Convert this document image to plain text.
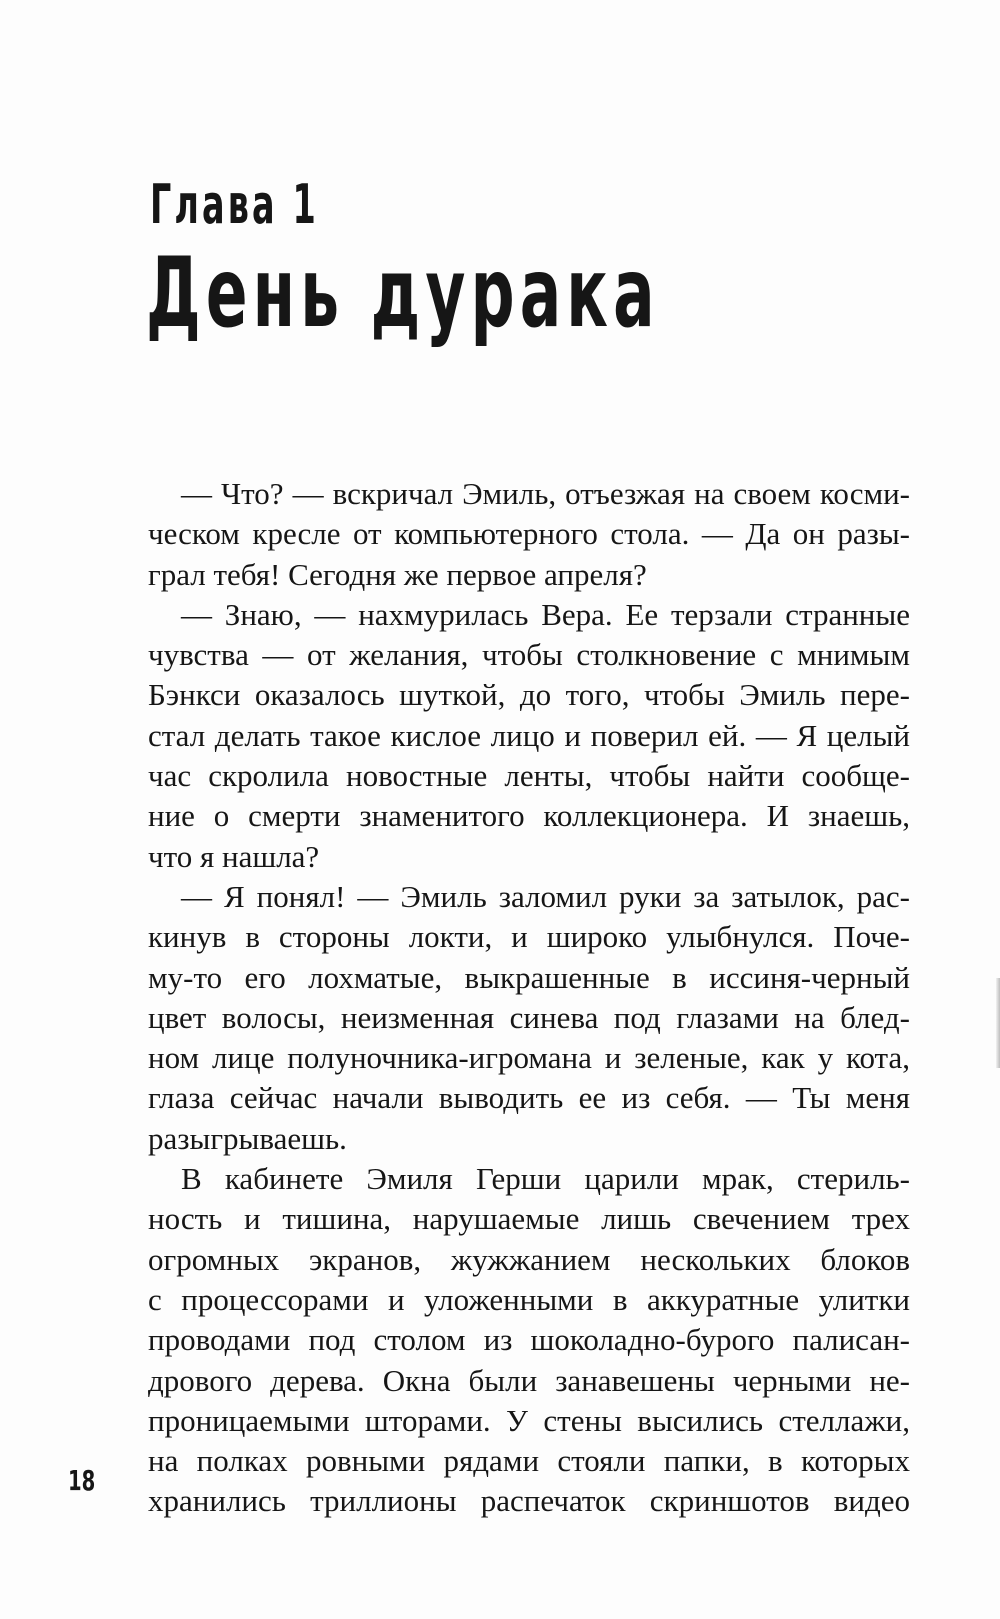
Глава 1
День дурака
— Что? — вскричал Эмиль, отъезжая на своем косми-
ческом кресле от компьютерного стола. — Да он разы-
грал тебя! Сегодня же первое апреля?
— Знаю, — нахмурилась Вера. Ее терзали странные
чувства — от желания, чтобы столкновение с мнимым
Бэнкси оказалось шуткой, до того, чтобы Эмиль пере-
стал делать такое кислое лицо и поверил ей. — Я целый
час скролила новостные ленты, чтобы найти сообще-
ние о смерти знаменитого коллекционера. И знаешь,
что я нашла?
— Я понял! — Эмиль заломил руки за затылок, рас-
кинув в стороны локти, и широко улыбнулся. Поче-
му-то его лохматые, выкрашенные в иссиня-черный
цвет волосы, неизменная синева под глазами на блед-
ном лице полуночника-игромана и зеленые, как у кота,
глаза сейчас начали выводить ее из себя. — Ты меня
разыгрываешь.
В кабинете Эмиля Герши царили мрак, стериль-
ность и тишина, нарушаемые лишь свечением трех
огромных экранов, жужжанием нескольких блоков
с процессорами и уложенными в аккуратные улитки
проводами под столом из шоколадно-бурого палисан-
дрового дерева. Окна были занавешены черными не-
проницаемыми шторами. У стены высились стеллажи,
на полках ровными рядами стояли папки, в которых
хранились триллионы распечаток скриншотов видео
18
